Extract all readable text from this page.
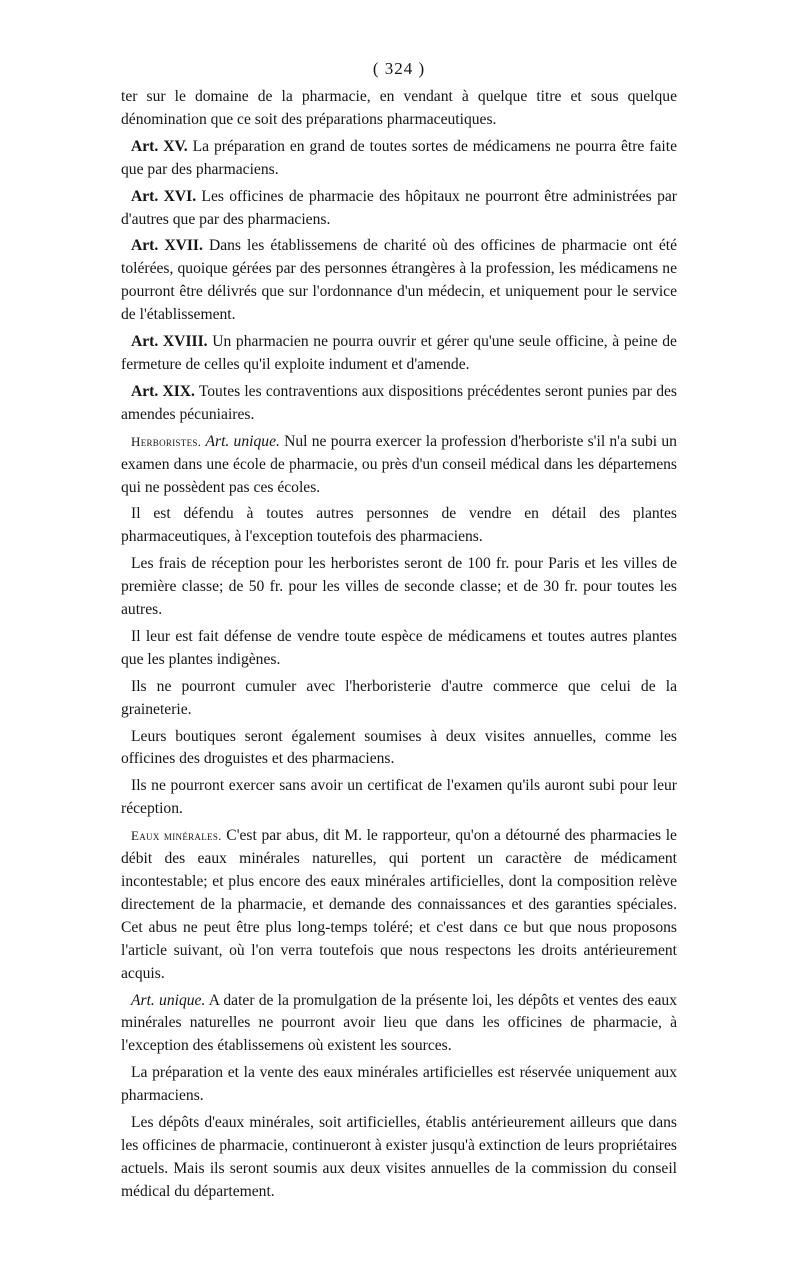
( 324 )

ter sur le domaine de la pharmacie, en vendant à quelque titre et sous quelque dénomination que ce soit des préparations pharmaceutiques.

Art. XV. La préparation en grand de toutes sortes de médicamens ne pourra être faite que par des pharmaciens.

Art. XVI. Les officines de pharmacie des hôpitaux ne pourront être administrées par d'autres que par des pharmaciens.

Art. XVII. Dans les établissemens de charité où des officines de pharmacie ont été tolérées, quoique gérées par des personnes étrangères à la profession, les médicamens ne pourront être délivrés que sur l'ordonnance d'un médecin, et uniquement pour le service de l'établissement.

Art. XVIII. Un pharmacien ne pourra ouvrir et gérer qu'une seule officine, à peine de fermeture de celles qu'il exploite indument et d'amende.

Art. XIX. Toutes les contraventions aux dispositions précédentes seront punies par des amendes pécuniaires.

Herboristes. Art. unique. Nul ne pourra exercer la profession d'herboriste s'il n'a subi un examen dans une école de pharmacie, ou près d'un conseil médical dans les départemens qui ne possèdent pas ces écoles.

Il est défendu à toutes autres personnes de vendre en détail des plantes pharmaceutiques, à l'exception toutefois des pharmaciens.

Les frais de réception pour les herboristes seront de 100 fr. pour Paris et les villes de première classe; de 50 fr. pour les villes de seconde classe; et de 30 fr. pour toutes les autres.

Il leur est fait défense de vendre toute espèce de médicamens et toutes autres plantes que les plantes indigènes.

Ils ne pourront cumuler avec l'herboristerie d'autre commerce que celui de la graineterie.

Leurs boutiques seront également soumises à deux visites annuelles, comme les officines des droguistes et des pharmaciens.

Ils ne pourront exercer sans avoir un certificat de l'examen qu'ils auront subi pour leur réception.

Eaux minérales. C'est par abus, dit M. le rapporteur, qu'on a détourné des pharmacies le débit des eaux minérales naturelles, qui portent un caractère de médicament incontestable; et plus encore des eaux minérales artificielles, dont la composition relève directement de la pharmacie, et demande des connaissances et des garanties spéciales. Cet abus ne peut être plus long-temps toléré; et c'est dans ce but que nous proposons l'article suivant, où l'on verra toutefois que nous respectons les droits antérieurement acquis.

Art. unique. A dater de la promulgation de la présente loi, les dépôts et ventes des eaux minérales naturelles ne pourront avoir lieu que dans les officines de pharmacie, à l'exception des établissemens où existent les sources.

La préparation et la vente des eaux minérales artificielles est réservée uniquement aux pharmaciens.

Les dépôts d'eaux minérales, soit artificielles, établis antérieurement ailleurs que dans les officines de pharmacie, continueront à exister jusqu'à extinction de leurs propriétaires actuels. Mais ils seront soumis aux deux visites annuelles de la commission du conseil médical du département.
